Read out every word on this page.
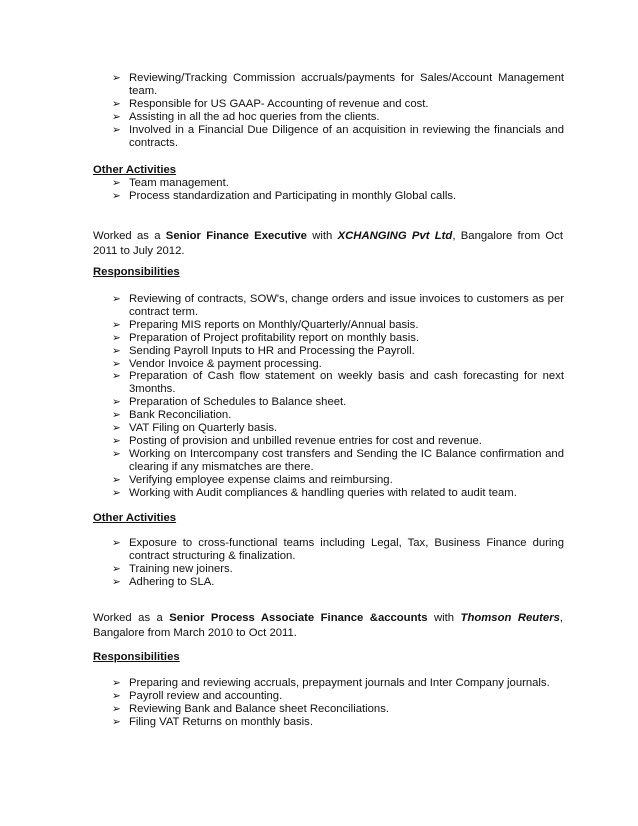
➢ Reviewing/Tracking Commission accruals/payments for Sales/Account Management team.
➢ Responsible for US GAAP- Accounting of revenue and cost.
➢ Assisting in all the ad hoc queries from the clients.
➢ Involved in a Financial Due Diligence of an acquisition in reviewing the financials and contracts.
Other Activities
➢ Team management.
➢ Process standardization and Participating in monthly Global calls.
Worked as a Senior Finance Executive with XCHANGING Pvt Ltd, Bangalore from Oct 2011 to July 2012.
Responsibilities
➢ Reviewing of contracts, SOW's, change orders and issue invoices to customers as per contract term.
➢ Preparing MIS reports on Monthly/Quarterly/Annual basis.
➢ Preparation of Project profitability report on monthly basis.
➢ Sending Payroll Inputs to HR and Processing the Payroll.
➢ Vendor Invoice & payment processing.
➢ Preparation of Cash flow statement on weekly basis and cash forecasting for next 3months.
➢ Preparation of Schedules to Balance sheet.
➢ Bank Reconciliation.
➢ VAT Filing on Quarterly basis.
➢ Posting of provision and unbilled revenue entries for cost and revenue.
➢ Working on Intercompany cost transfers and Sending the IC Balance confirmation and clearing if any mismatches are there.
➢ Verifying employee expense claims and reimbursing.
➢ Working with Audit compliances & handling queries with related to audit team.
Other Activities
➢ Exposure to cross-functional teams including Legal, Tax, Business Finance during contract structuring & finalization.
➢ Training new joiners.
➢ Adhering to SLA.
Worked as a Senior Process Associate Finance &accounts with Thomson Reuters, Bangalore from March 2010 to Oct 2011.
Responsibilities
➢ Preparing and reviewing accruals, prepayment journals and Inter Company journals.
➢ Payroll review and accounting.
➢ Reviewing Bank and Balance sheet Reconciliations.
➢ Filing VAT Returns on monthly basis.
